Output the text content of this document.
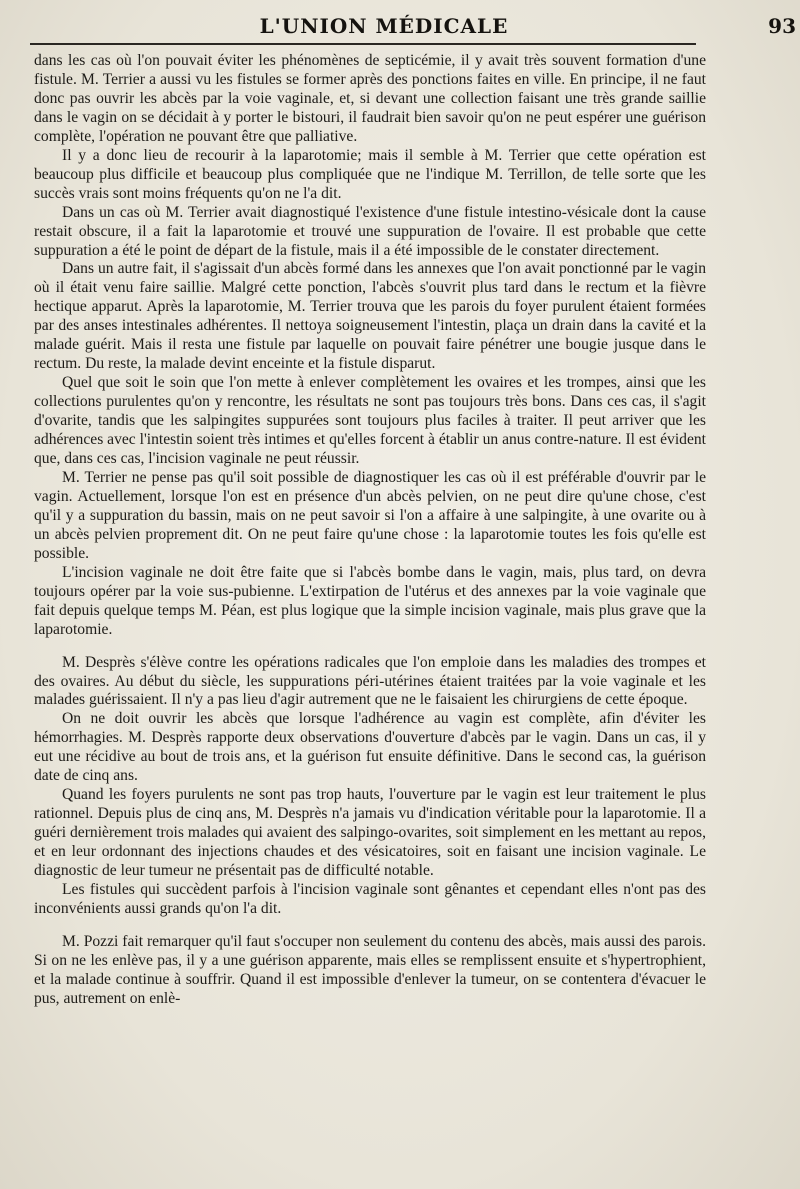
L'UNION MÉDICALE	93

dans les cas où l'on pouvait éviter les phénomènes de septicémie, il y avait très souvent formation d'une fistule. M. Terrier a aussi vu les fistules se former après des ponctions faites en ville. En principe, il ne faut donc pas ouvrir les abcès par la voie vaginale, et, si devant une collection faisant une très grande saillie dans le vagin on se décidait à y porter le bistouri, il faudrait bien savoir qu'on ne peut espérer une guérison complète, l'opération ne pouvant être que palliative.

Il y a donc lieu de recourir à la laparotomie; mais il semble à M. Terrier que cette opération est beaucoup plus difficile et beaucoup plus compliquée que ne l'indique M. Terrillon, de telle sorte que les succès vrais sont moins fréquents qu'on ne l'a dit.

Dans un cas où M. Terrier avait diagnostiqué l'existence d'une fistule intestino-vésicale dont la cause restait obscure, il a fait la laparotomie et trouvé une suppuration de l'ovaire. Il est probable que cette suppuration a été le point de départ de la fistule, mais il a été impossible de le constater directement.

Dans un autre fait, il s'agissait d'un abcès formé dans les annexes que l'on avait ponctionné par le vagin où il était venu faire saillie. Malgré cette ponction, l'abcès s'ouvrit plus tard dans le rectum et la fièvre hectique apparut. Après la laparotomie, M. Terrier trouva que les parois du foyer purulent étaient formées par des anses intestinales adhérentes. Il nettoya soigneusement l'intestin, plaça un drain dans la cavité et la malade guérit. Mais il resta une fistule par laquelle on pouvait faire pénétrer une bougie jusque dans le rectum. Du reste, la malade devint enceinte et la fistule disparut.

Quel que soit le soin que l'on mette à enlever complètement les ovaires et les trompes, ainsi que les collections purulentes qu'on y rencontre, les résultats ne sont pas toujours très bons. Dans ces cas, il s'agit d'ovarite, tandis que les salpingites suppurées sont toujours plus faciles à traiter. Il peut arriver que les adhérences avec l'intestin soient très intimes et qu'elles forcent à établir un anus contre-nature. Il est évident que, dans ces cas, l'incision vaginale ne peut réussir.

M. Terrier ne pense pas qu'il soit possible de diagnostiquer les cas où il est préférable d'ouvrir par le vagin. Actuellement, lorsque l'on est en présence d'un abcès pelvien, on ne peut dire qu'une chose, c'est qu'il y a suppuration du bassin, mais on ne peut savoir si l'on a affaire à une salpingite, à une ovarite ou à un abcès pelvien proprement dit. On ne peut faire qu'une chose : la laparotomie toutes les fois qu'elle est possible.

L'incision vaginale ne doit être faite que si l'abcès bombe dans le vagin, mais, plus tard, on devra toujours opérer par la voie sus-pubienne. L'extirpation de l'utérus et des annexes par la voie vaginale que fait depuis quelque temps M. Péan, est plus logique que la simple incision vaginale, mais plus grave que la laparotomie.

M. Desprès s'élève contre les opérations radicales que l'on emploie dans les maladies des trompes et des ovaires. Au début du siècle, les suppurations péri-utérines étaient traitées par la voie vaginale et les malades guérissaient. Il n'y a pas lieu d'agir autrement que ne le faisaient les chirurgiens de cette époque.

On ne doit ouvrir les abcès que lorsque l'adhérence au vagin est complète, afin d'éviter les hémorrhagies. M. Desprès rapporte deux observations d'ouverture d'abcès par le vagin. Dans un cas, il y eut une récidive au bout de trois ans, et la guérison fut ensuite définitive. Dans le second cas, la guérison date de cinq ans.

Quand les foyers purulents ne sont pas trop hauts, l'ouverture par le vagin est leur traitement le plus rationnel. Depuis plus de cinq ans, M. Desprès n'a jamais vu d'indication véritable pour la laparotomie. Il a guéri dernièrement trois malades qui avaient des salpingo-ovarites, soit simplement en les mettant au repos, et en leur ordonnant des injections chaudes et des vésicatoires, soit en faisant une incision vaginale. Le diagnostic de leur tumeur ne présentait pas de difficulté notable.

Les fistules qui succèdent parfois à l'incision vaginale sont gênantes et cependant elles n'ont pas des inconvénients aussi grands qu'on l'a dit.

M. Pozzi fait remarquer qu'il faut s'occuper non seulement du contenu des abcès, mais aussi des parois. Si on ne les enlève pas, il y a une guérison apparente, mais elles se remplissent ensuite et s'hypertrophient, et la malade continue à souffrir. Quand il est impossible d'enlever la tumeur, on se contentera d'évacuer le pus, autrement on enlè-
